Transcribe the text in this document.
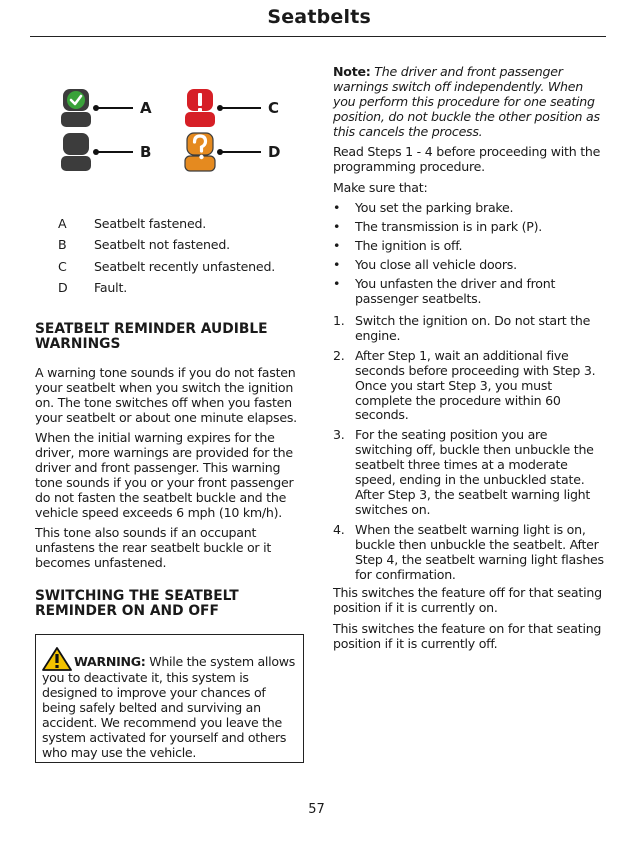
Seatbelts
A
B
C
D
A Seatbelt fastened.
B Seatbelt not fastened.
C Seatbelt recently unfastened.
D Fault.
SEATBELT REMINDER AUDIBLE WARNINGS

A warning tone sounds if you do not fasten your seatbelt when you switch the ignition on. The tone switches off when you fasten your seatbelt or about one minute elapses.

When the initial warning expires for the driver, more warnings are provided for the driver and front passenger. This warning tone sounds if you or your front passenger do not fasten the seatbelt buckle and the vehicle speed exceeds 6 mph (10 km/h).

This tone also sounds if an occupant unfastens the rear seatbelt buckle or it becomes unfastened.

SWITCHING THE SEATBELT REMINDER ON AND OFF

WARNING: While the system allows you to deactivate it, this system is designed to improve your chances of being safely belted and surviving an accident. We recommend you leave the system activated for yourself and others who may use the vehicle.

Note: The driver and front passenger warnings switch off independently. When you perform this procedure for one seating position, do not buckle the other position as this cancels the process.

Read Steps 1 - 4 before proceeding with the programming procedure.

Make sure that:

• You set the parking brake.
• The transmission is in park (P).
• The ignition is off.
• You close all vehicle doors.
• You unfasten the driver and front passenger seatbelts.
1. Switch the ignition on. Do not start the engine.
2. After Step 1, wait an additional five seconds before proceeding with Step 3. Once you start Step 3, you must complete the procedure within 60 seconds.
3. For the seating position you are switching off, buckle then unbuckle the seatbelt three times at a moderate speed, ending in the unbuckled state. After Step 3, the seatbelt warning light switches on.
4. When the seatbelt warning light is on, buckle then unbuckle the seatbelt. After Step 4, the seatbelt warning light flashes for confirmation.

This switches the feature off for that seating position if it is currently on.

This switches the feature on for that seating position if it is currently off.

57
